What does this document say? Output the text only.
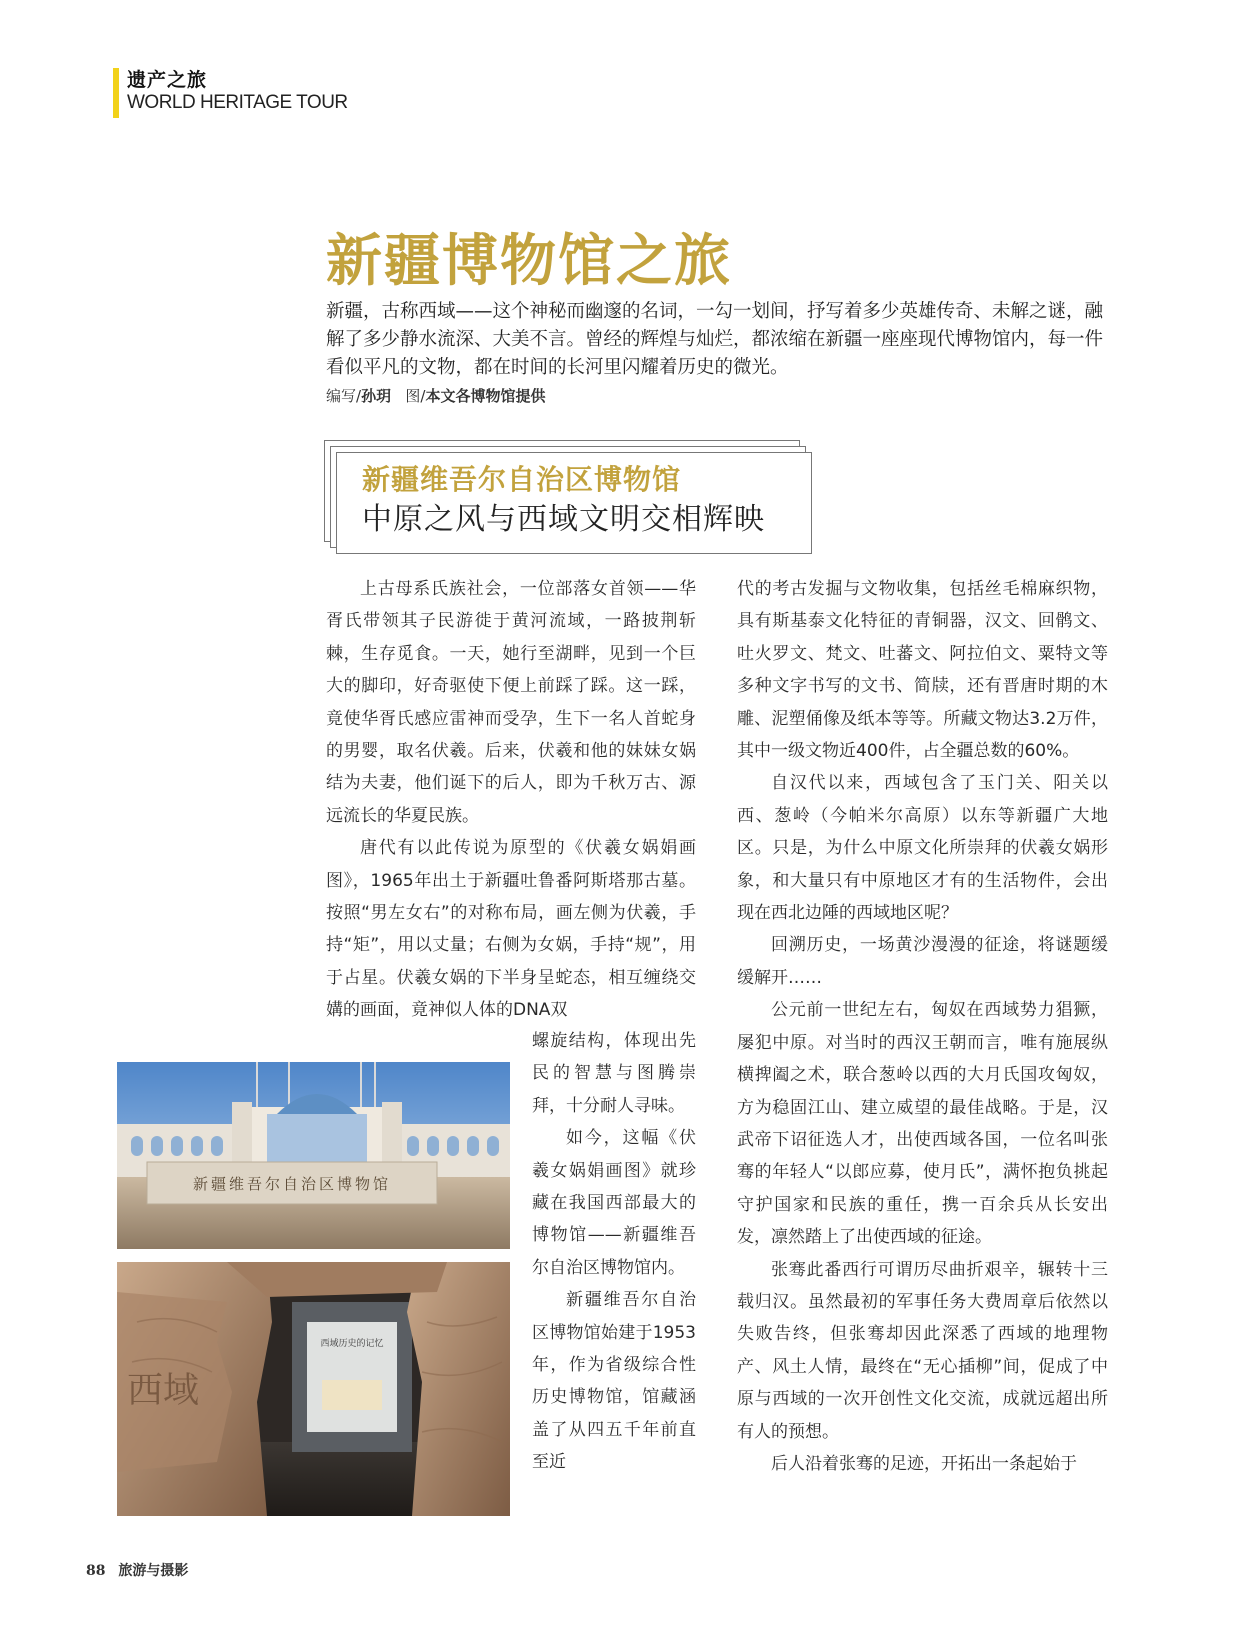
遗产之旅
WORLD HERITAGE TOUR
新疆博物馆之旅

新疆，古称西域——这个神秘而幽邃的名词，一勾一划间，抒写着多少英雄传奇、未解之谜，融解了多少静水流深、大美不言。曾经的辉煌与灿烂，都浓缩在新疆一座座现代博物馆内，每一件看似平凡的文物，都在时间的长河里闪耀着历史的微光。

编写/孙玥 图/本文各博物馆提供
新疆维吾尔自治区博物馆
中原之风与西域文明交相辉映

上古母系氏族社会，一位部落女首领——华胥氏带领其子民游徙于黄河流域，一路披荆斩棘，生存觅食。一天，她行至湖畔，见到一个巨大的脚印，好奇驱使下便上前踩了踩。这一踩，竟使华胥氏感应雷神而受孕，生下一名人首蛇身的男婴，取名伏羲。后来，伏羲和他的妹妹女娲结为夫妻，他们诞下的后人，即为千秋万古、源远流长的华夏民族。

唐代有以此传说为原型的《伏羲女娲娟画图》，1965年出土于新疆吐鲁番阿斯塔那古墓。按照“男左女右”的对称布局，画左侧为伏羲，手持“矩”，用以丈量；右侧为女娲，手持“规”，用于占星。伏羲女娲的下半身呈蛇态，相互缠绕交媾的画面，竟神似人体的DNA双

螺旋结构，体现出先民的智慧与图腾崇拜，十分耐人寻味。

如今，这幅《伏羲女娲娟画图》就珍藏在我国西部最大的博物馆——新疆维吾尔自治区博物馆内。

新疆维吾尔自治区博物馆始建于1953年，作为省级综合性历史博物馆，馆藏涵盖了从四五千年前直至近

代的考古发掘与文物收集，包括丝毛棉麻织物，具有斯基泰文化特征的青铜器，汉文、回鹘文、吐火罗文、梵文、吐蕃文、阿拉伯文、粟特文等多种文字书写的文书、简牍，还有晋唐时期的木雕、泥塑俑像及纸本等等。所藏文物达3.2万件，其中一级文物近400件，占全疆总数的60%。

自汉代以来，西域包含了玉门关、阳关以西、葱岭（今帕米尔高原）以东等新疆广大地区。只是，为什么中原文化所崇拜的伏羲女娲形象，和大量只有中原地区才有的生活物件，会出现在西北边陲的西域地区呢？

回溯历史，一场黄沙漫漫的征途，将谜题缓缓解开……

公元前一世纪左右，匈奴在西域势力猖獗，屡犯中原。对当时的西汉王朝而言，唯有施展纵横捭阖之术，联合葱岭以西的大月氏国攻匈奴，方为稳固江山、建立威望的最佳战略。于是，汉武帝下诏征选人才，出使西域各国，一位名叫张骞的年轻人“以郎应募，使月氏”，满怀抱负挑起守护国家和民族的重任，携一百余兵从长安出发，凛然踏上了出使西域的征途。

张骞此番西行可谓历尽曲折艰辛，辗转十三载归汉。虽然最初的军事任务大费周章后依然以失败告终，但张骞却因此深悉了西域的地理物产、风土人情，最终在“无心插柳”间，促成了中原与西域的一次开创性文化交流，成就远超出所有人的预想。

后人沿着张骞的足迹，开拓出一条起始于

新疆维吾尔自治区博物馆
西域历史的记忆
西域
88 旅游与摄影
